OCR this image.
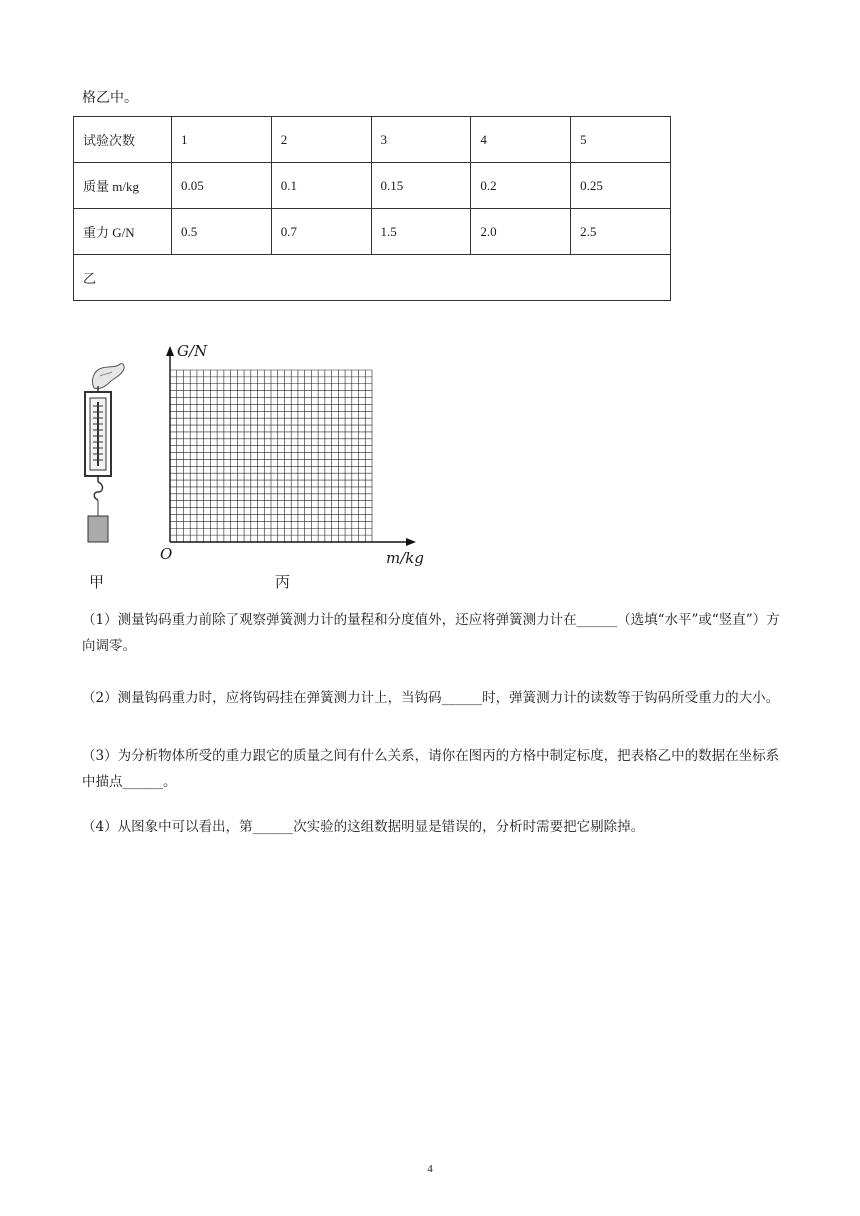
格乙中。
试验次数	1	2	3	4	5
质量 m/kg	0.05	0.1	0.15	0.2	0.25
重力 G/N	0.5	0.7	1.5	2.0	2.5
乙					
G/N
m/kg
O
甲	丙
（1）测量钩码重力前除了观察弹簧测力计的量程和分度值外，还应将弹簧测力计在______（选填“水平”或“竖直”）方向调零。
（2）测量钩码重力时，应将钩码挂在弹簧测力计上，当钩码______时，弹簧测力计的读数等于钩码所受重力的大小。
（3）为分析物体所受的重力跟它的质量之间有什么关系，请你在图丙的方格中制定标度，把表格乙中的数据在坐标系中描点______。
（4）从图象中可以看出，第______次实验的这组数据明显是错误的，分析时需要把它剔除掉。
4
